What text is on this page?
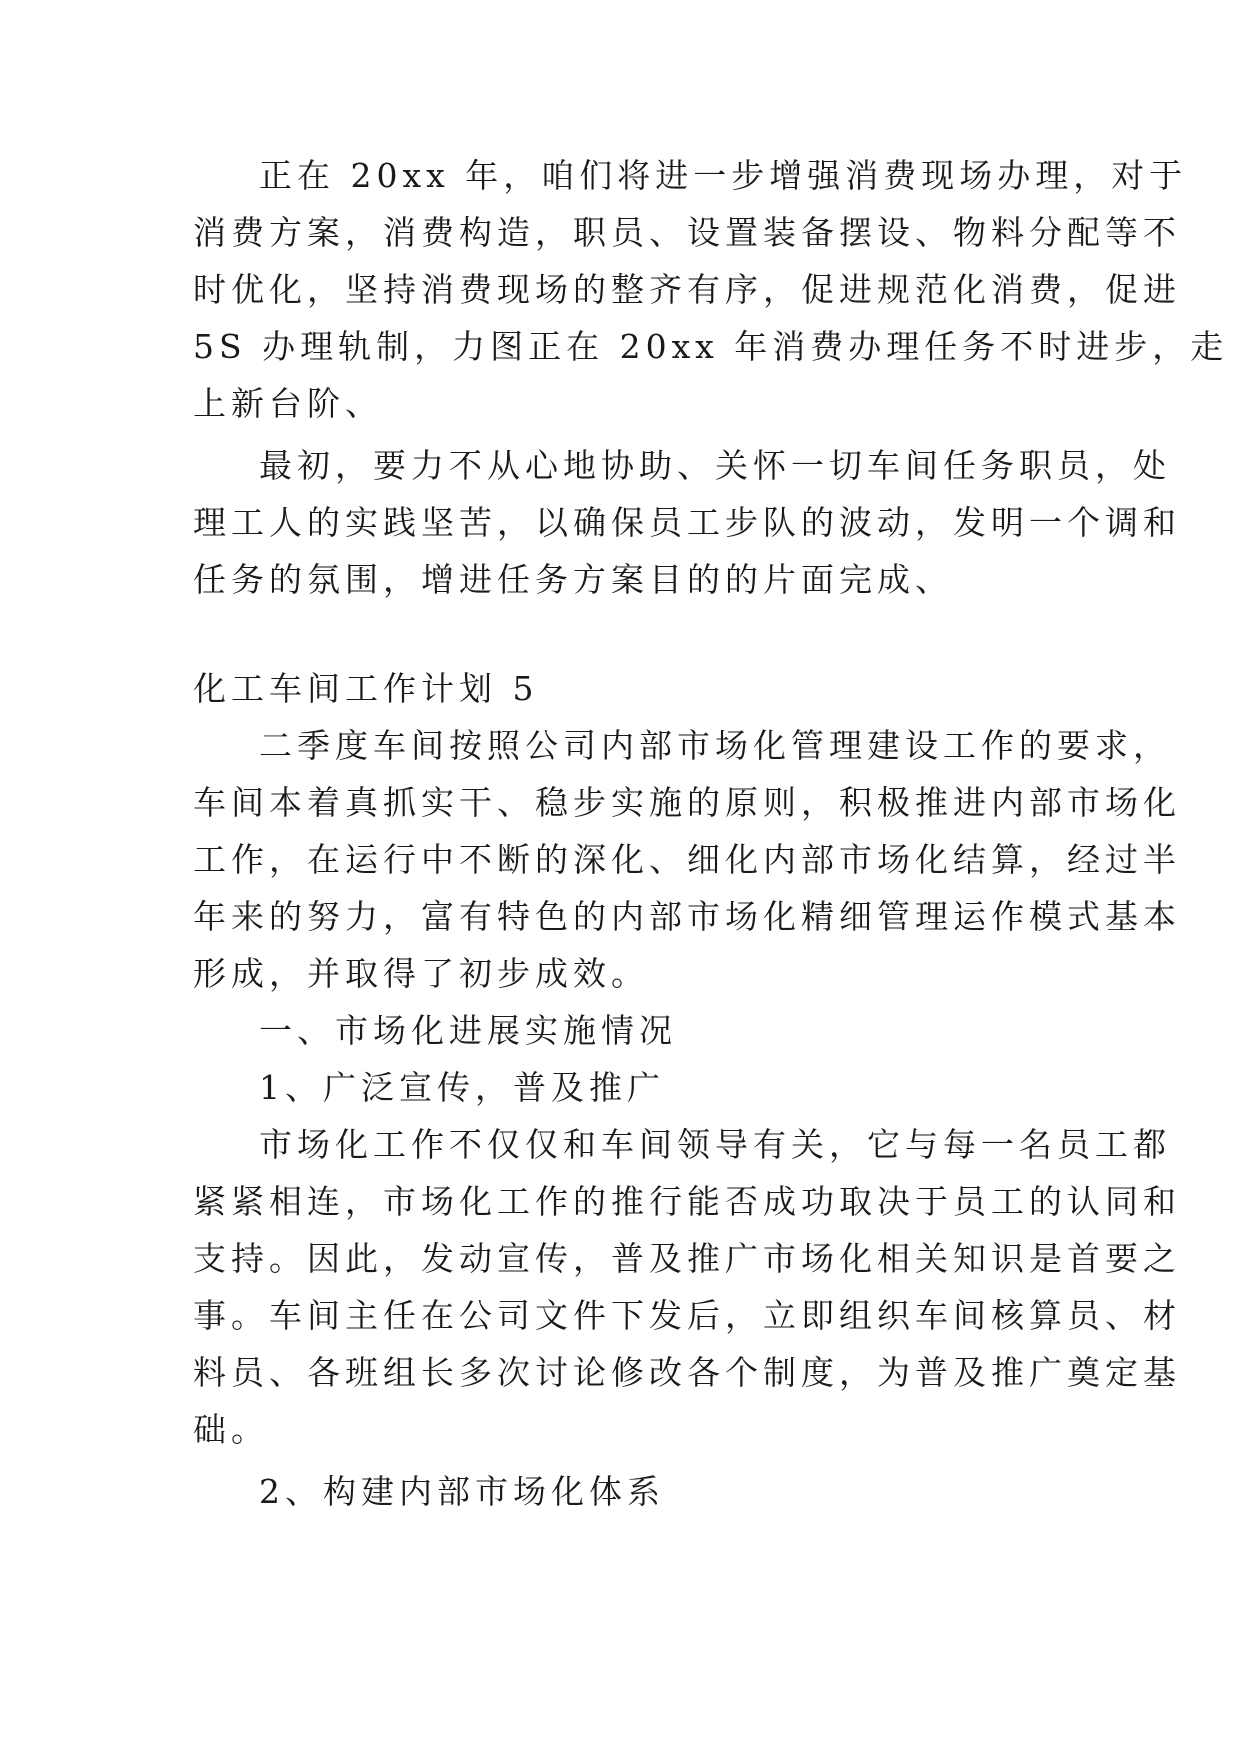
正在 20xx 年，咱们将进一步增强消费现场办理，对于
消费方案，消费构造，职员、设置装备摆设、物料分配等不
时优化，坚持消费现场的整齐有序，促进规范化消费，促进
5S 办理轨制，力图正在 20xx 年消费办理任务不时进步，走
上新台阶、
最初，要力不从心地协助、关怀一切车间任务职员，处
理工人的实践坚苦，以确保员工步队的波动，发明一个调和
任务的氛围，增进任务方案目的的片面完成、
化工车间工作计划 5
二季度车间按照公司内部市场化管理建设工作的要求，
车间本着真抓实干、稳步实施的原则，积极推进内部市场化
工作，在运行中不断的深化、细化内部市场化结算，经过半
年来的努力，富有特色的内部市场化精细管理运作模式基本
形成，并取得了初步成效。
一、市场化进展实施情况
1、广泛宣传，普及推广
市场化工作不仅仅和车间领导有关，它与每一名员工都
紧紧相连，市场化工作的推行能否成功取决于员工的认同和
支持。因此，发动宣传，普及推广市场化相关知识是首要之
事。车间主任在公司文件下发后，立即组织车间核算员、材
料员、各班组长多次讨论修改各个制度，为普及推广奠定基
础。
2、构建内部市场化体系
